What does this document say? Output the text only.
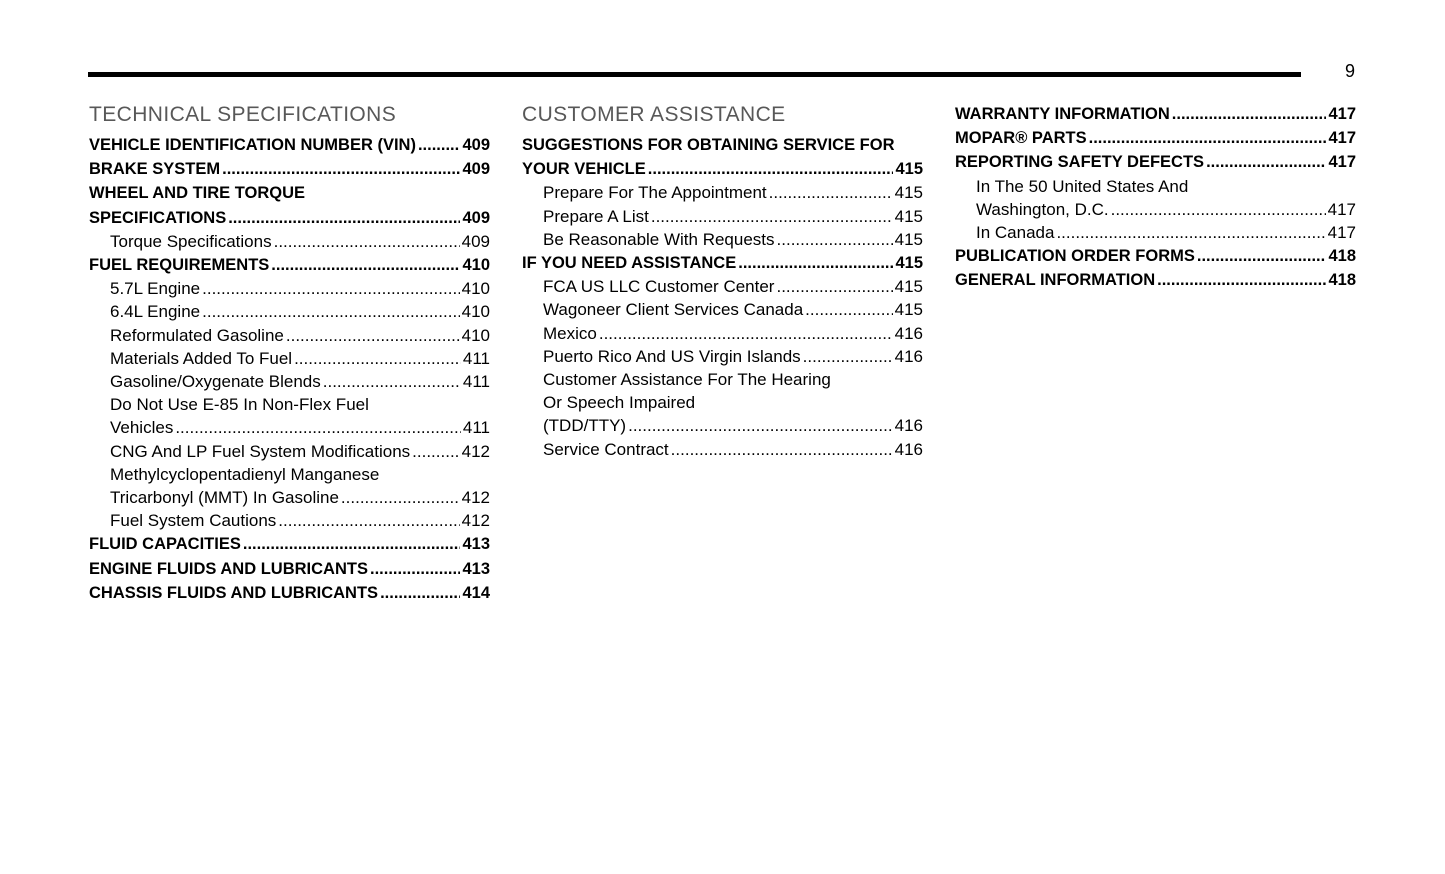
9
TECHNICAL SPECIFICATIONS
VEHICLE IDENTIFICATION NUMBER (VIN) .....	409
BRAKE SYSTEM .....	409
WHEEL AND TIRE TORQUE
SPECIFICATIONS .....	409
Torque Specifications .....	409
FUEL REQUIREMENTS .....	410
5.7L Engine .....	410
6.4L Engine .....	410
Reformulated Gasoline .....	410
Materials Added To Fuel .....	411
Gasoline/Oxygenate Blends .....	411
Do Not Use E-85 In Non-Flex Fuel
Vehicles .....	411
CNG And LP Fuel System Modifications .....	412
Methylcyclopentadienyl Manganese
Tricarbonyl (MMT) In Gasoline .....	412
Fuel System Cautions .....	412
FLUID CAPACITIES .....	413
ENGINE FLUIDS AND LUBRICANTS .....	413
CHASSIS FLUIDS AND LUBRICANTS .....	414
CUSTOMER ASSISTANCE
SUGGESTIONS FOR OBTAINING SERVICE FOR
YOUR VEHICLE .....	415
Prepare For The Appointment .....	415
Prepare A List .....	415
Be Reasonable With Requests .....	415
IF YOU NEED ASSISTANCE .....	415
FCA US LLC Customer Center .....	415
Wagoneer Client Services Canada .....	415
Mexico .....	416
Puerto Rico And US Virgin Islands .....	416
Customer Assistance For The Hearing
Or Speech Impaired
(TDD/TTY) .....	416
Service Contract .....	416
WARRANTY INFORMATION .....	417
MOPAR® PARTS .....	417
REPORTING SAFETY DEFECTS .....	417
In The 50 United States And
Washington, D.C. .....	417
In Canada .....	417
PUBLICATION ORDER FORMS .....	418
GENERAL INFORMATION .....	418
